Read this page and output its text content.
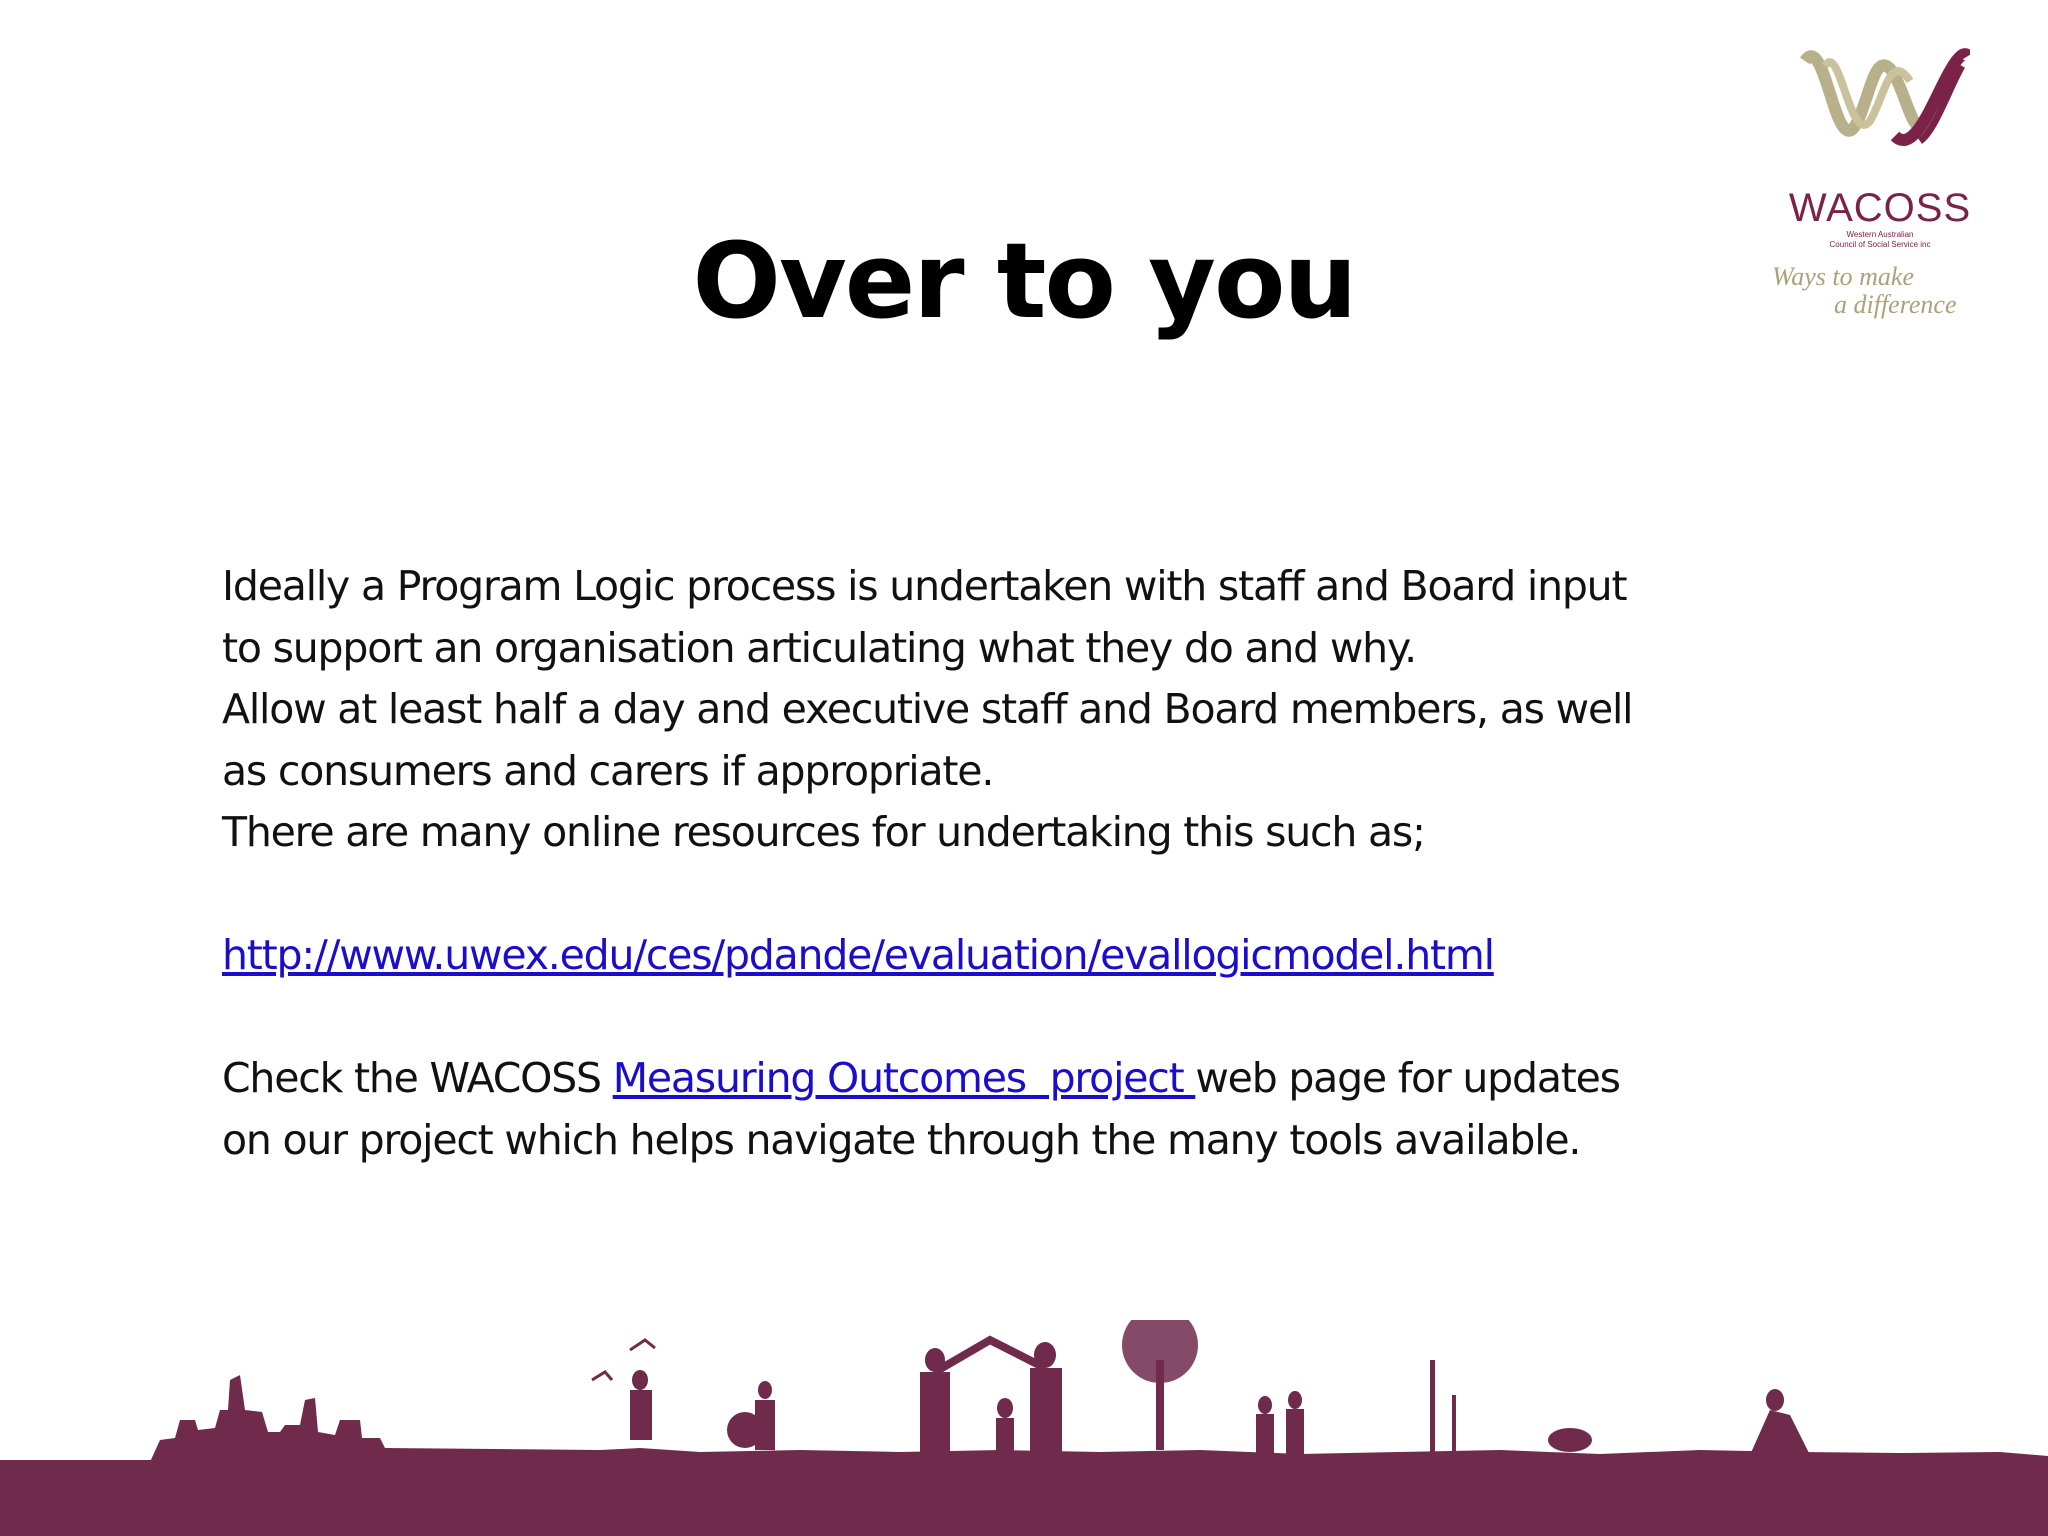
WACOSS
Western Australian
Council of Social Service inc
Ways to make
a difference
Over to you

Ideally a Program Logic process is undertaken with staff and Board input

to support an organisation articulating what they do and why.

Allow at least half a day and executive staff and Board members, as well

as consumers and carers if appropriate.

There are many online resources for undertaking this such as;

http://www.uwex.edu/ces/pdande/evaluation/evallogicmodel.html

Check the WACOSS Measuring Outcomes  project web page for updates

on our project which helps navigate through the many tools available.
